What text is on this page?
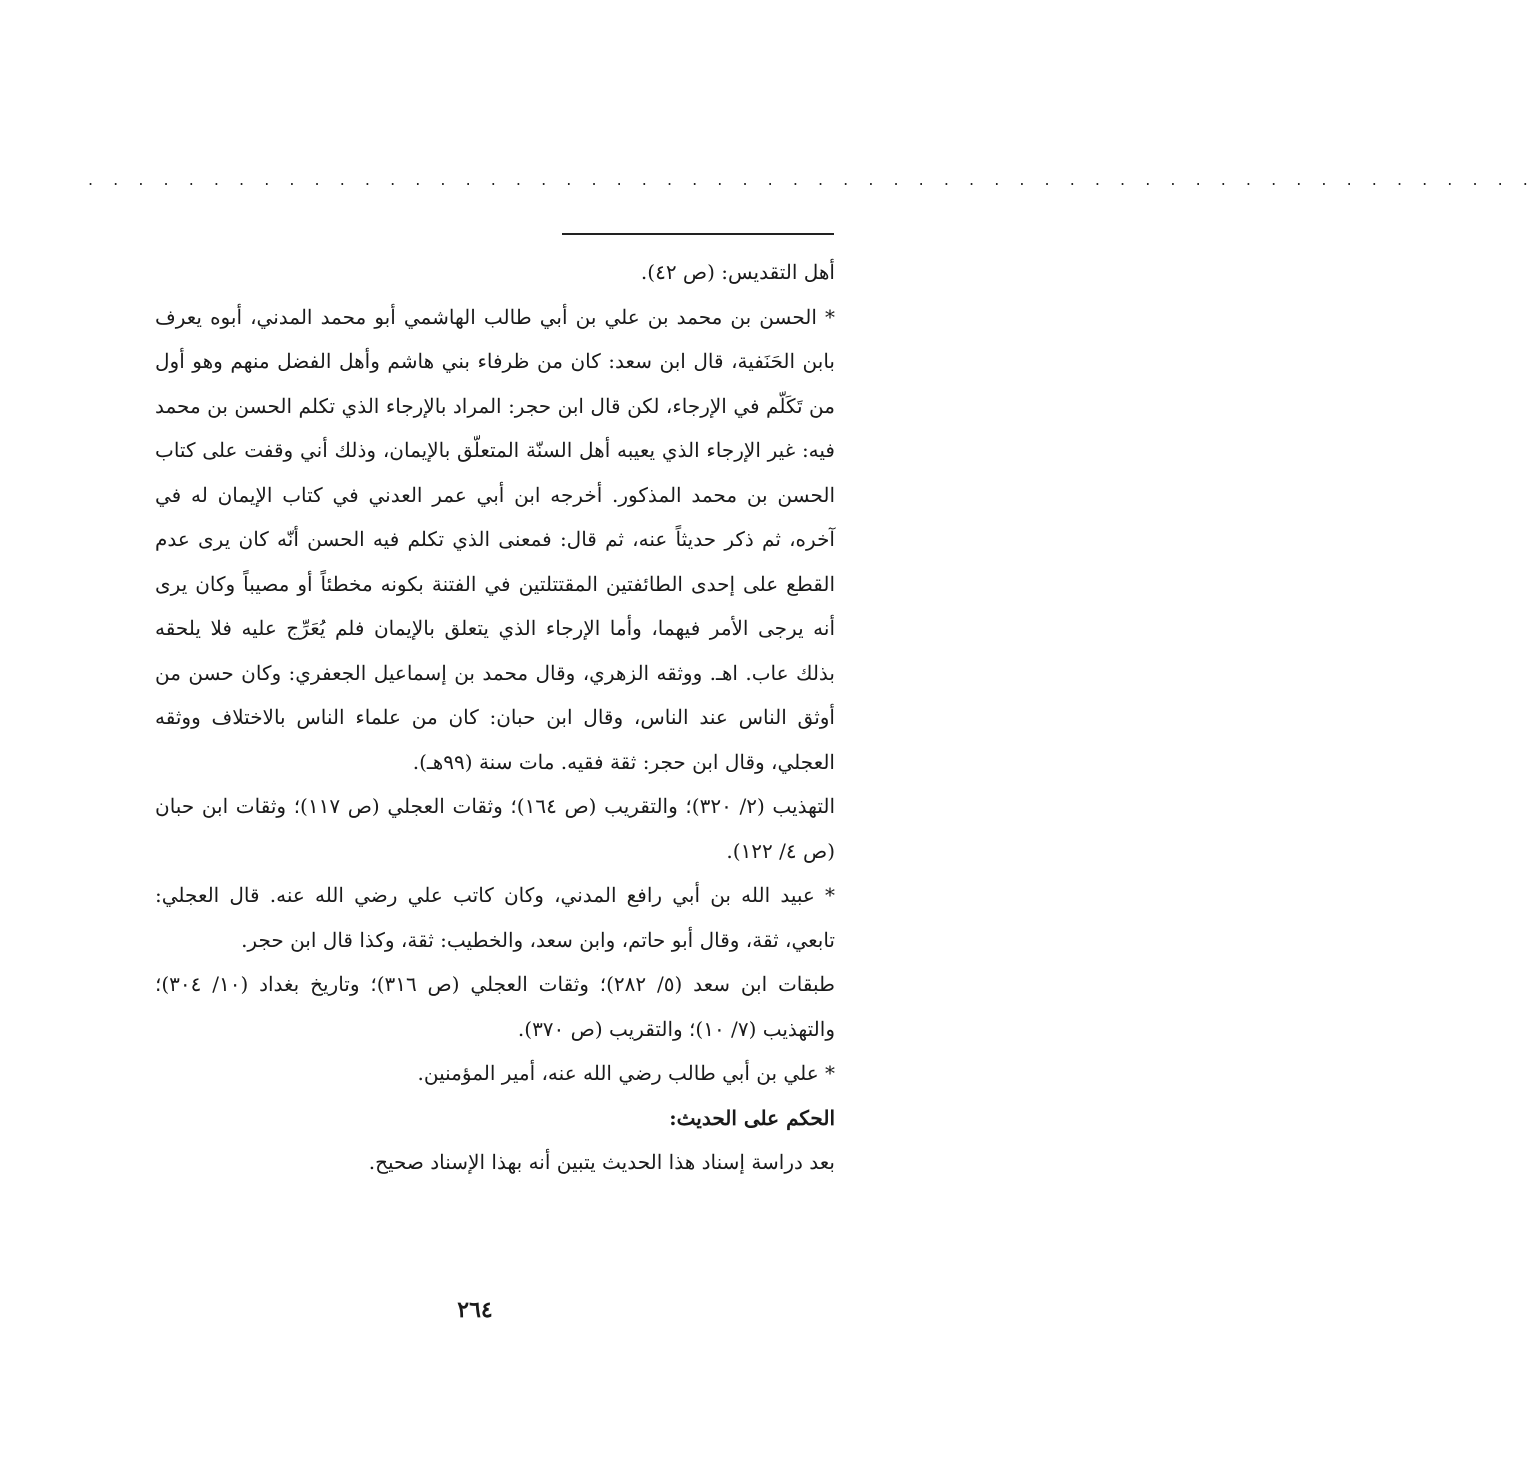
. . . . . . . . . . . . . . . . . . . . . . . . . . . . . . . . . . . . . . . . . . . . . . . . . . . . . . . . . .

أهل التقديس: (ص ٤٢).

* الحسن بن محمد بن علي بن أبي طالب الهاشمي أبو محمد المدني، أبوه يعرف بابن الحَنَفية، قال ابن سعد: كان من ظرفاء بني هاشم وأهل الفضل منهم وهو أول من تَكَلّم في الإرجاء، لكن قال ابن حجر: المراد بالإرجاء الذي تكلم الحسن بن محمد فيه: غير الإرجاء الذي يعيبه أهل السنّة المتعلّق بالإيمان، وذلك أني وقفت على كتاب الحسن بن محمد المذكور. أخرجه ابن أبي عمر العدني في كتاب الإيمان له في آخره، ثم ذكر حديثاً عنه، ثم قال: فمعنى الذي تكلم فيه الحسن أنّه كان يرى عدم القطع على إحدى الطائفتين المقتتلتين في الفتنة بكونه مخطئاً أو مصيباً وكان يرى أنه يرجى الأمر فيهما، وأما الإرجاء الذي يتعلق بالإيمان فلم يُعَرِّج عليه فلا يلحقه بذلك عاب. اهـ. ووثقه الزهري، وقال محمد بن إسماعيل الجعفري: وكان حسن من أوثق الناس عند الناس، وقال ابن حبان: كان من علماء الناس بالاختلاف ووثقه العجلي، وقال ابن حجر: ثقة فقيه. مات سنة (٩٩هـ).

التهذيب (٢/ ٣٢٠)؛ والتقريب (ص ١٦٤)؛ وثقات العجلي (ص ١١٧)؛ وثقات ابن حبان (ص ٤/ ١٢٢).

* عبيد الله بن أبي رافع المدني، وكان كاتب علي رضي الله عنه. قال العجلي: تابعي، ثقة، وقال أبو حاتم، وابن سعد، والخطيب: ثقة، وكذا قال ابن حجر.

طبقات ابن سعد (٥/ ٢٨٢)؛ وثقات العجلي (ص ٣١٦)؛ وتاريخ بغداد (١٠/ ٣٠٤)؛ والتهذيب (٧/ ١٠)؛ والتقريب (ص ٣٧٠).

* علي بن أبي طالب رضي الله عنه، أمير المؤمنين.

الحكم على الحديث:

بعد دراسة إسناد هذا الحديث يتبين أنه بهذا الإسناد صحيح.

٢٦٤
